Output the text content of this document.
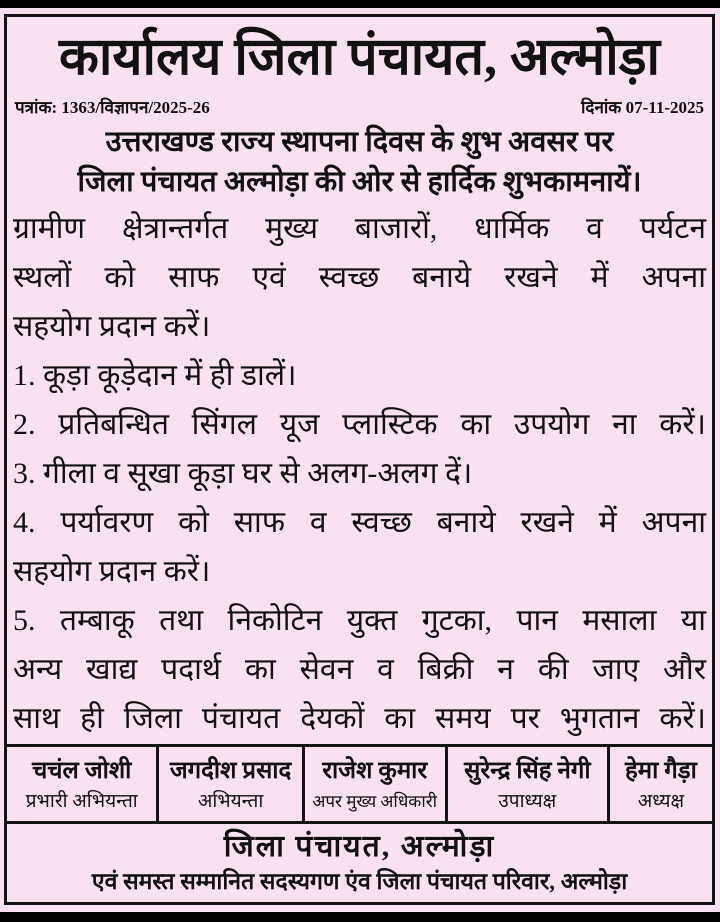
कार्यालय जिला पंचायत, अल्मोड़ा
पत्रांक: 1363/विज्ञापन/2025-26	दिनांक 07-11-2025
उत्तराखण्ड राज्य स्थापना दिवस के शुभ अवसर पर
जिला पंचायत अल्मोड़ा की ओर से हार्दिक शुभकामनायें।
ग्रामीण क्षेत्रान्तर्गत मुख्य बाजारों, धार्मिक व पर्यटन
स्थलों को साफ एवं स्वच्छ बनाये रखने में अपना
सहयोग प्रदान करें।
1. कूड़ा कूड़ेदान में ही डालें।
2. प्रतिबन्धित सिंगल यूज प्लास्टिक का उपयोग ना करें।
3. गीला व सूखा कूड़ा घर से अलग-अलग दें।
4. पर्यावरण को साफ व स्वच्छ बनाये रखने में अपना
सहयोग प्रदान करें।
5. तम्बाकू तथा निकोटिन युक्त गुटका, पान मसाला या
अन्य खाद्य पदार्थ का सेवन व बिक्री न की जाए और
साथ ही जिला पंचायत देयकों का समय पर भुगतान करें।
चचंल जोशी
प्रभारी अभियन्ता
जगदीश प्रसाद
अभियन्ता
राजेश कुमार
अपर मुख्य अधिकारी
सुरेन्द्र सिंह नेगी
उपाध्यक्ष
हेमा गैड़ा
अध्यक्ष
जिला पंचायत, अल्मोड़ा
एवं समस्त सम्मानित सदस्यगण एंव जिला पंचायत परिवार, अल्मोड़ा
